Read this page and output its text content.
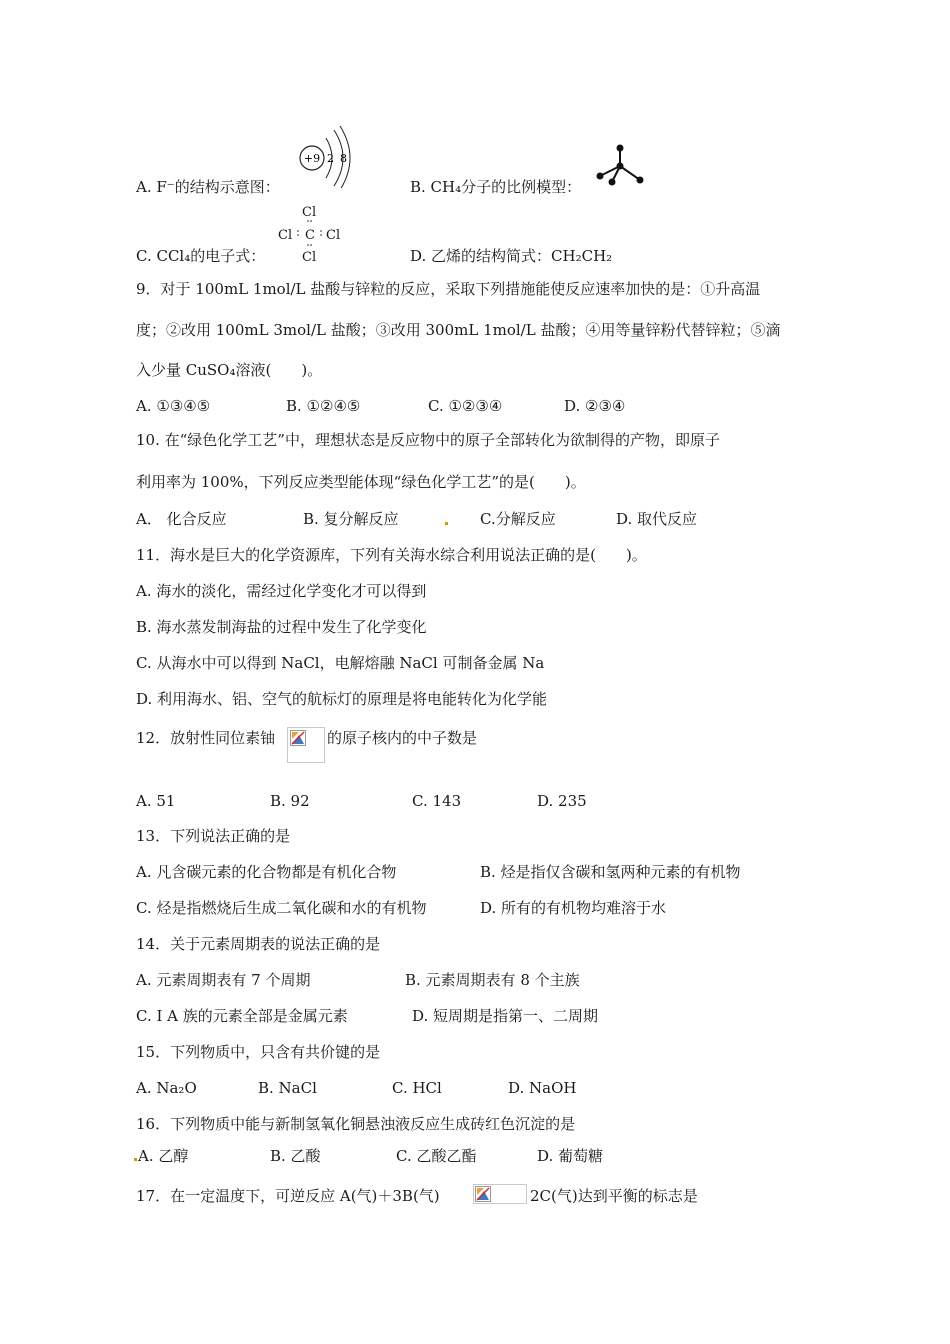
A. F⁻的结构示意图：
+9 2 8
B. CH₄分子的比例模型：
C. CCl₄的电子式：
Cl
Cl C Cl
Cl	D. 乙烯的结构简式：CH₂CH₂
9．对于 100mL 1mol/L 盐酸与锌粒的反应，采取下列措施能使反应速率加快的是：①升高温
度；②改用 100mL 3mol/L 盐酸；③改用 300mL 1mol/L 盐酸；④用等量锌粉代替锌粒；⑤滴
入少量 CuSO₄溶液(　　)。
A. ①③④⑤	B. ①②④⑤	C. ①②③④	D. ②③④
10. 在“绿色化学工艺”中，理想状态是反应物中的原子全部转化为欲制得的产物，即原子
利用率为 100%，下列反应类型能体现“绿色化学工艺”的是(　　)。
A． 化合反应	B. 复分解反应	C.分解反应	D. 取代反应
11．海水是巨大的化学资源库，下列有关海水综合利用说法正确的是(　　)。
A. 海水的淡化，需经过化学变化才可以得到
B. 海水蒸发制海盐的过程中发生了化学变化
C. 从海水中可以得到 NaCl，电解熔融 NaCl 可制备金属 Na
D. 利用海水、铝、空气的航标灯的原理是将电能转化为化学能
12．放射性同位素铀	的原子核内的中子数是
A. 51	B. 92	C. 143	D. 235
13．下列说法正确的是
A. 凡含碳元素的化合物都是有机化合物	B. 烃是指仅含碳和氢两种元素的有机物
C. 烃是指燃烧后生成二氧化碳和水的有机物	D. 所有的有机物均难溶于水
14．关于元素周期表的说法正确的是
A. 元素周期表有 7 个周期	B. 元素周期表有 8 个主族
C. Ⅰ A 族的元素全部是金属元素	D. 短周期是指第一、二周期
15．下列物质中，只含有共价键的是
A. Na₂O	B. NaCl	C. HCl	D. NaOH
16．下列物质中能与新制氢氧化铜悬浊液反应生成砖红色沉淀的是
A. 乙醇	B. 乙酸	C. 乙酸乙酯	D. 葡萄糖
17．在一定温度下，可逆反应 A(气)＋3B(气)	2C(气)达到平衡的标志是
